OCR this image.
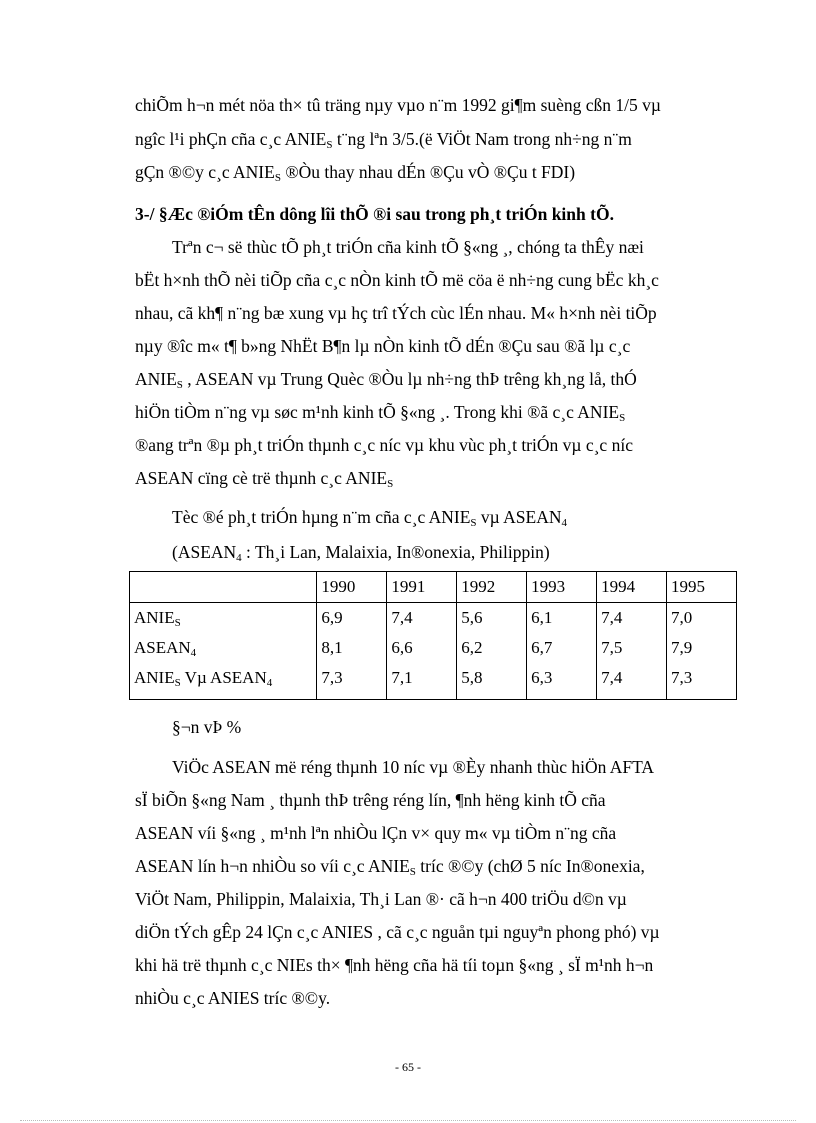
chiÕm h¬n mét nöa th× tû träng nµy vµo n¨m 1992 gi¶m suèng cßn 1/5 vµ
ngîc l¹i phÇn cña c¸c $ANIE_S$ t¨ng lªn 3/5.(ë ViÖt Nam trong nh÷ng n¨m
gÇn ®©y c¸c $ANIE_S$ ®Òu thay nhau dÉn ®Çu vÒ ®Çu t FDI)
3-/ §Æc ®iÓm tÊn dông lîi thÕ ®i sau trong ph¸t triÓn kinh tÕ.
Trªn c¬ së thùc tÕ ph¸t triÓn cña kinh tÕ §«ng ¸, chóng ta thÊy næi
bËt h×nh thÕ nèi tiÕp cña c¸c nÒn kinh tÕ më cöa ë nh÷ng cung bËc kh¸c
nhau, cã kh¶ n¨ng bæ xung vµ hç trî tÝch cùc lÉn nhau. M« h×nh nèi tiÕp
nµy ®îc m« t¶ b»ng NhËt B¶n lµ nÒn kinh tÕ dÉn ®Çu sau ®ã lµ c¸c
$ANIE_S$ , ASEAN vµ Trung Quèc ®Òu lµ nh÷ng thÞ trêng kh¸ng lå, thÓ
hiÖn tiÒm n¨ng vµ søc m¹nh kinh tÕ §«ng ¸. Trong khi ®ã c¸c $ANIE_S$
®ang trªn ®µ ph¸t triÓn thµnh c¸c níc vµ khu vùc ph¸t triÓn vµ c¸c níc
ASEAN cïng cè trë thµnh c¸c $ANIE_S$
Tèc ®é ph¸t triÓn hµng n¨m cña c¸c $ANIE_S$ vµ $ASEAN_4$
($ASEAN_4$ : Th¸i Lan, Malaixia, In®onexia, Philippin)
	1990	1991	1992	1993	1994	1995
$ANIE_S$	6,9	7,4	5,6	6,1	7,4	7,0
$ASEAN_4$	8,1	6,6	6,2	6,7	7,5	7,9
$ANIE_S$ Vµ $ASEAN_4$	7,3	7,1	5,8	6,3	7,4	7,3
§¬n vÞ %
ViÖc ASEAN më réng thµnh 10 níc vµ ®Èy nhanh thùc hiÖn AFTA
sÏ biÕn §«ng Nam ¸ thµnh thÞ trêng réng lín, ¶nh hëng kinh tÕ cña
ASEAN víi §«ng ¸ m¹nh lªn nhiÒu lÇn v× quy m« vµ tiÒm n¨ng cña
ASEAN lín h¬n nhiÒu so víi c¸c $ANIE_S$ tríc ®©y (chØ 5 níc In®onexia,
ViÖt Nam, Philippin, Malaixia, Th¸i Lan ®· cã h¬n 400 triÖu d©n vµ
diÖn tÝch gÊp 24 lÇn c¸c ANIES , cã c¸c nguån tµi nguyªn phong phó) vµ
khi hä trë thµnh c¸c NIEs th× ¶nh hëng cña hä tíi toµn §«ng ¸ sÏ m¹nh h¬n
nhiÒu c¸c ANIES tríc ®©y.
- 65 -
